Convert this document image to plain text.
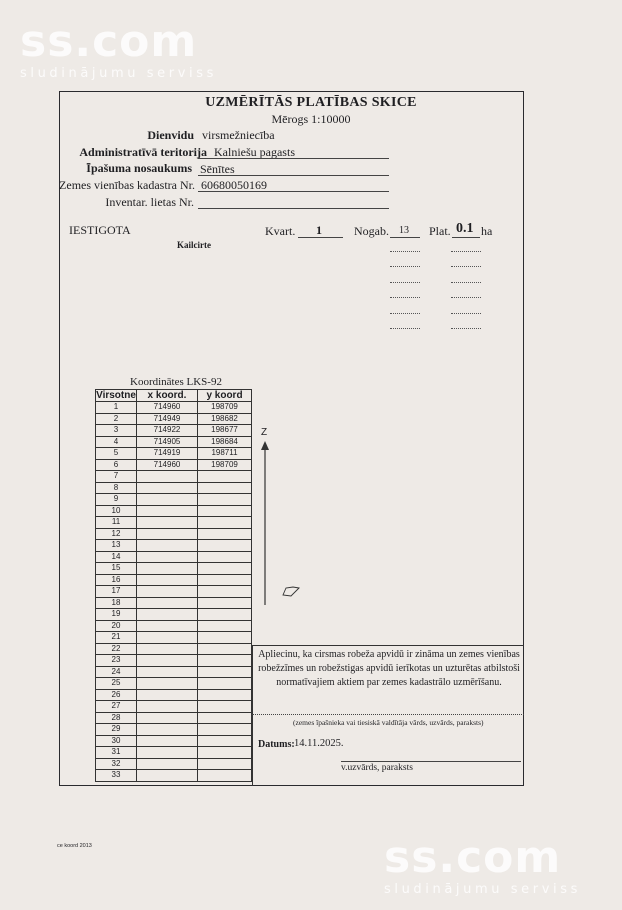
ss.com
sludinājumu serviss
ss.com
sludinājumu serviss
UZMĒRĪTĀS PLATĪBAS SKICE
Mērogs 1:10000
Dienvidu virsmežniecība
Administratīvā teritorija Kalniešu pagasts
Īpašuma nosaukums Sēnītes
Zemes vienības kadastra Nr. 60680050169
Inventar. lietas Nr.
IESTIGOTA	Kvart. 1	Nogab. 13 Plat. 0.1 ha
Kailcirte
Koordinātes LKS-92
Virsotne	x koord.	y koord
1	714960	198709
2	714949	198682
3	714922	198677
4	714905	198684
5	714919	198711
6	714960	198709
7		
8		
9		
10		
11		
12		
13		
14		
15		
16		
17		
18		
19		
20		
21		
22		
23		
24		
25		
26		
27		
28		
29		
30		
31		
32		
33		
Z
Apliecinu, ka cirsmas robeža apvidū ir zināma un zemes vienības robežzīmes un robežstigas apvidū ierīkotas un uzturētas atbilstoši normatīvajiem aktiem par zemes kadastrālo uzmērīšanu.
(zemes īpašnieka vai tiesiskā valdītāja vārds, uzvārds, paraksts)
Datums: 14.11.2025.
v.uzvārds, paraksts
ce koord 2013
